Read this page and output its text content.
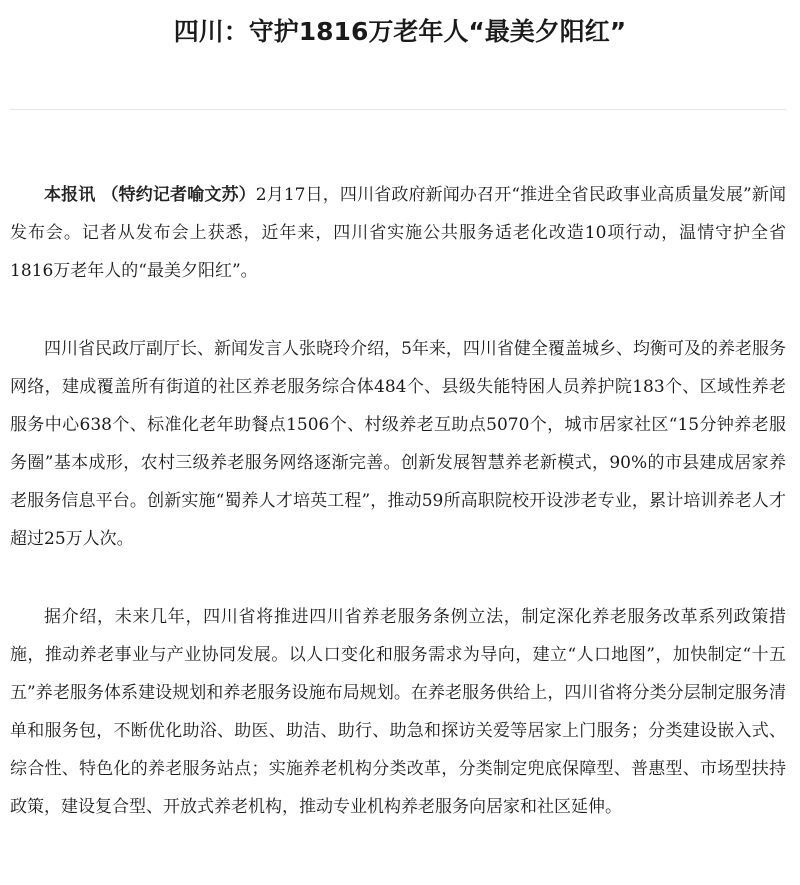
四川：守护1816万老年人“最美夕阳红”

本报讯 （特约记者喻文苏）2月17日，四川省政府新闻办召开“推进全省民政事业高质量发展”新闻发布会。记者从发布会上获悉，近年来，四川省实施公共服务适老化改造10项行动，温情守护全省1816万老年人的“最美夕阳红”。

四川省民政厅副厅长、新闻发言人张晓玲介绍，5年来，四川省健全覆盖城乡、均衡可及的养老服务网络，建成覆盖所有街道的社区养老服务综合体484个、县级失能特困人员养护院183个、区域性养老服务中心638个、标准化老年助餐点1506个、村级养老互助点5070个，城市居家社区“15分钟养老服务圈”基本成形，农村三级养老服务网络逐渐完善。创新发展智慧养老新模式，90%的市县建成居家养老服务信息平台。创新实施“蜀养人才培英工程”，推动59所高职院校开设涉老专业，累计培训养老人才超过25万人次。

据介绍，未来几年，四川省将推进四川省养老服务条例立法，制定深化养老服务改革系列政策措施，推动养老事业与产业协同发展。以人口变化和服务需求为导向，建立“人口地图”，加快制定“十五五”养老服务体系建设规划和养老服务设施布局规划。在养老服务供给上，四川省将分类分层制定服务清单和服务包，不断优化助浴、助医、助洁、助行、助急和探访关爱等居家上门服务；分类建设嵌入式、综合性、特色化的养老服务站点；实施养老机构分类改革，分类制定兜底保障型、普惠型、市场型扶持政策，建设复合型、开放式养老机构，推动专业机构养老服务向居家和社区延伸。
